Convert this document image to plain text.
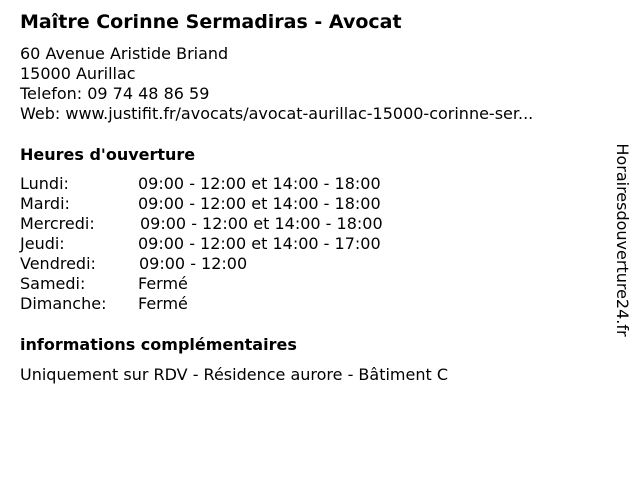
Maître Corinne Sermadiras - Avocat
60 Avenue Aristide Briand
15000 Aurillac
Telefon: 09 74 48 86 59
Web: www.justifit.fr/avocats/avocat-aurillac-15000-corinne-ser...
Heures d'ouverture
Lundi:	09:00 - 12:00 et 14:00 - 18:00
Mardi:	09:00 - 12:00 et 14:00 - 18:00
Mercredi:	09:00 - 12:00 et 14:00 - 18:00
Jeudi:	09:00 - 12:00 et 14:00 - 17:00
Vendredi:	09:00 - 12:00
Samedi:	Fermé
Dimanche: Fermé
informations complémentaires
Uniquement sur RDV - Résidence aurore - Bâtiment C
Horairesdouverture24.fr
